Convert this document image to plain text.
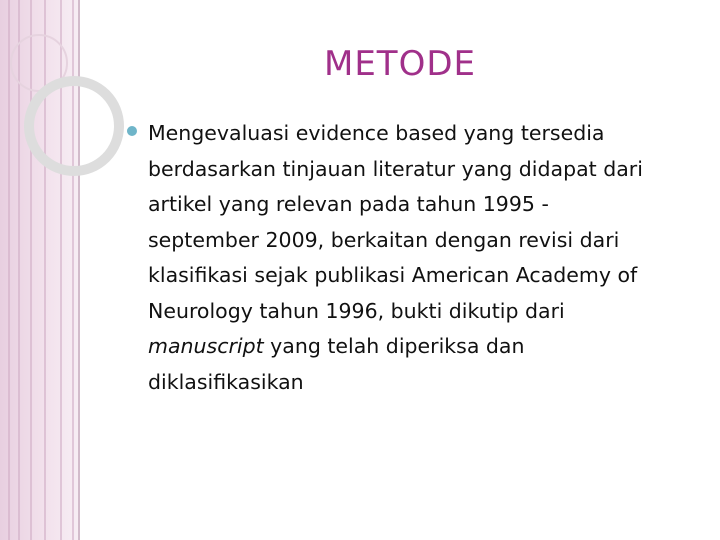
METODE
Mengevaluasi evidence based yang tersedia
berdasarkan tinjauan literatur yang didapat dari
artikel yang relevan pada tahun 1995 -
september 2009, berkaitan dengan revisi dari
klasifikasi sejak publikasi American Academy of
Neurology tahun 1996, bukti dikutip dari
manuscript yang telah diperiksa dan
diklasifikasikan
